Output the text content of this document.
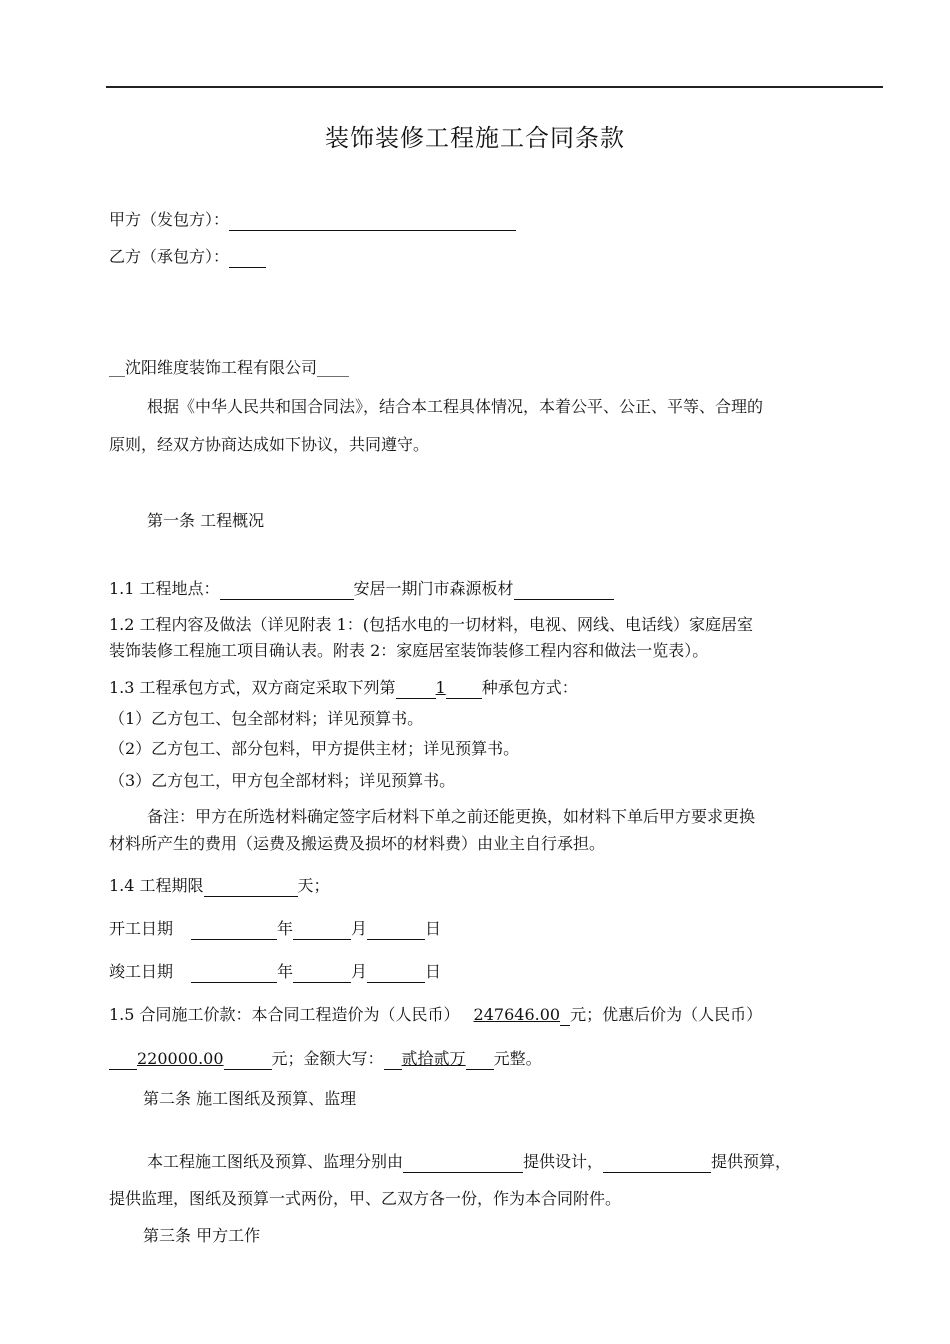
装饰装修工程施工合同条款
甲方（发包方）：
乙方（承包方）：
__沈阳维度装饰工程有限公司____
根据《中华人民共和国合同法》，结合本工程具体情况，本着公平、公正、平等、合理的
原则，经双方协商达成如下协议，共同遵守。
第一条 工程概况
1.1 工程地点：	安居一期门市森源板材
1.2 工程内容及做法（详见附表 1：(包括水电的一切材料，电视、网线、电话线）家庭居室
装饰装修工程施工项目确认表。附表 2：家庭居室装饰装修工程内容和做法一览表）。
1.3 工程承包方式，双方商定采取下列第	1 种承包方式：
（1）乙方包工、包全部材料；详见预算书。
（2）乙方包工、部分包料，甲方提供主材；详见预算书。
（3）乙方包工，甲方包全部材料；详见预算书。
备注：甲方在所选材料确定签字后材料下单之前还能更换，如材料下单后甲方要求更换
材料所产生的费用（运费及搬运费及损坏的材料费）由业主自行承担。
1.4 工程期限	天；
开工日期	年	月	日
竣工日期	年	月	日
1.5 合同施工价款：本合同工程造价为（人民币） 247646.00 元；优惠后价为（人民币）
220000.00	元；金额大写： 贰拾贰万 元整。
第二条 施工图纸及预算、监理
本工程施工图纸及预算、监理分别由	提供设计，	提供预算，
提供监理，图纸及预算一式两份，甲、乙双方各一份，作为本合同附件。
第三条 甲方工作
